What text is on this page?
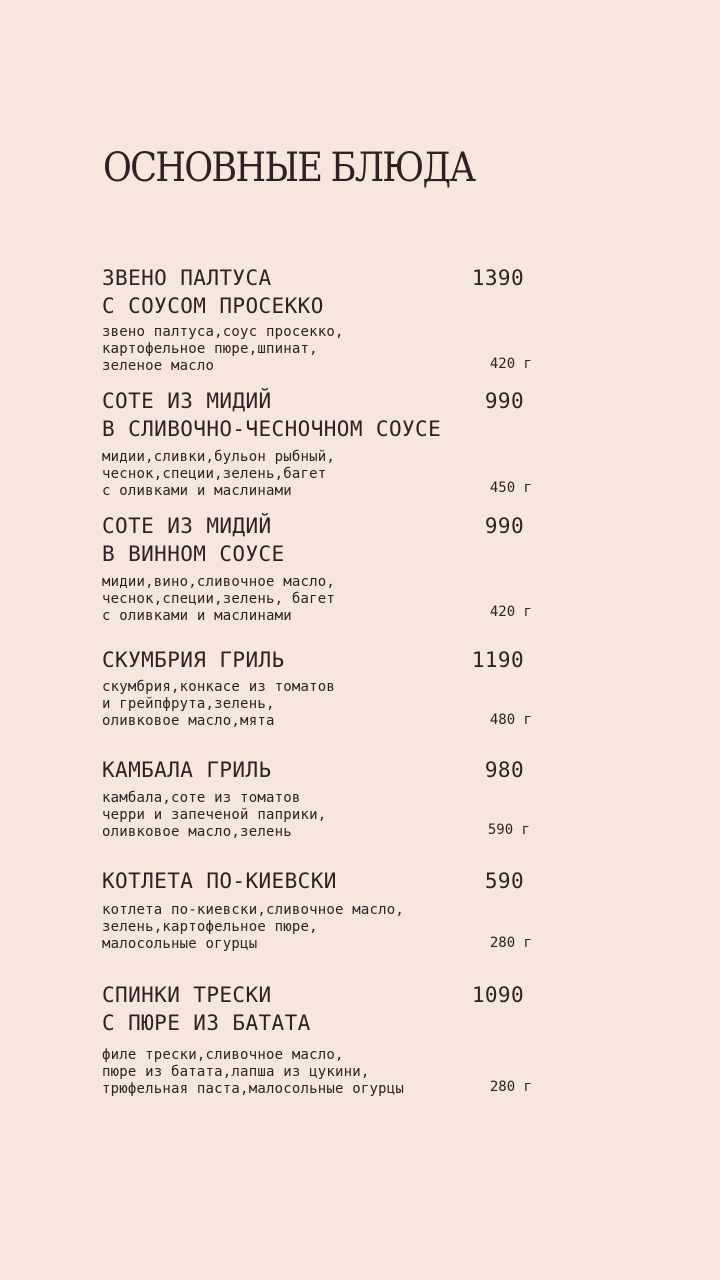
ОСНОВНЫЕ БЛЮДА
ЗВЕНО ПАЛТУСА
С СОУСОМ ПРОСЕККО
1390
звено палтуса,соус просекко,
картофельное пюре,шпинат,
зеленое масло	420 г
СОТЕ ИЗ МИДИЙ
В СЛИВОЧНО-ЧЕСНОЧНОМ СОУСЕ
990
мидии,сливки,бульон рыбный,
чеснок,специи,зелень,багет
с оливками и маслинами	450 г
СОТЕ ИЗ МИДИЙ
В ВИННОМ СОУСЕ
990
мидии,вино,сливочное масло,
чеснок,специи,зелень, багет
с оливками и маслинами	420 г
СКУМБРИЯ ГРИЛЬ	1190
скумбрия,конкасе из томатов
и грейпфрута,зелень,
оливковое масло,мята	480 г
КАМБАЛА ГРИЛЬ	980
камбала,соте из томатов
черри и запеченой паприки,
оливковое масло,зелень	590 г
КОТЛЕТА ПО-КИЕВСКИ	590
котлета по-киевски,сливочное масло,
зелень,картофельное пюре,
малосольные огурцы	280 г
СПИНКИ ТРЕСКИ
С ПЮРЕ ИЗ БАТАТА
1090
филе трески,сливочное масло,
пюре из батата,лапша из цукини,
трюфельная паста,малосольные огурцы	280 г
